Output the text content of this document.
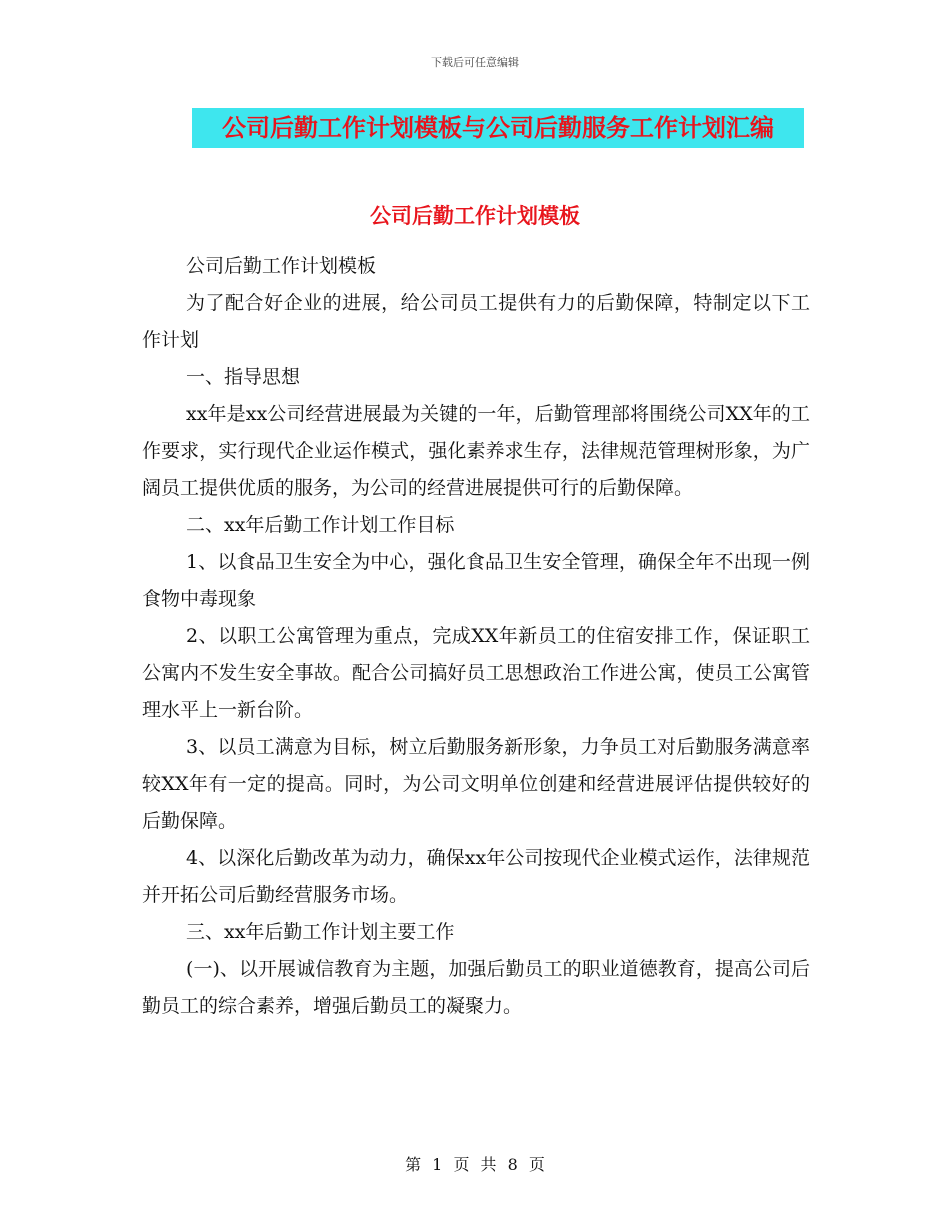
下载后可任意编辑
公司后勤工作计划模板与公司后勤服务工作计划汇编
公司后勤工作计划模板

公司后勤工作计划模板

为了配合好企业的进展，给公司员工提供有力的后勤保障，特制定以下工作计划

一、指导思想

xx年是xx公司经营进展最为关键的一年，后勤管理部将围绕公司XX年的工作要求，实行现代企业运作模式，强化素养求生存，法律规范管理树形象，为广阔员工提供优质的服务，为公司的经营进展提供可行的后勤保障。

二、xx年后勤工作计划工作目标

1、以食品卫生安全为中心，强化食品卫生安全管理，确保全年不出现一例食物中毒现象

2、以职工公寓管理为重点，完成XX年新员工的住宿安排工作，保证职工公寓内不发生安全事故。配合公司搞好员工思想政治工作进公寓，使员工公寓管理水平上一新台阶。

3、以员工满意为目标，树立后勤服务新形象，力争员工对后勤服务满意率较XX年有一定的提高。同时，为公司文明单位创建和经营进展评估提供较好的后勤保障。

4、以深化后勤改革为动力，确保xx年公司按现代企业模式运作，法律规范并开拓公司后勤经营服务市场。

三、xx年后勤工作计划主要工作

(一)、以开展诚信教育为主题，加强后勤员工的职业道德教育，提高公司后勤员工的综合素养，增强后勤员工的凝聚力。

第 1 页 共 8 页
